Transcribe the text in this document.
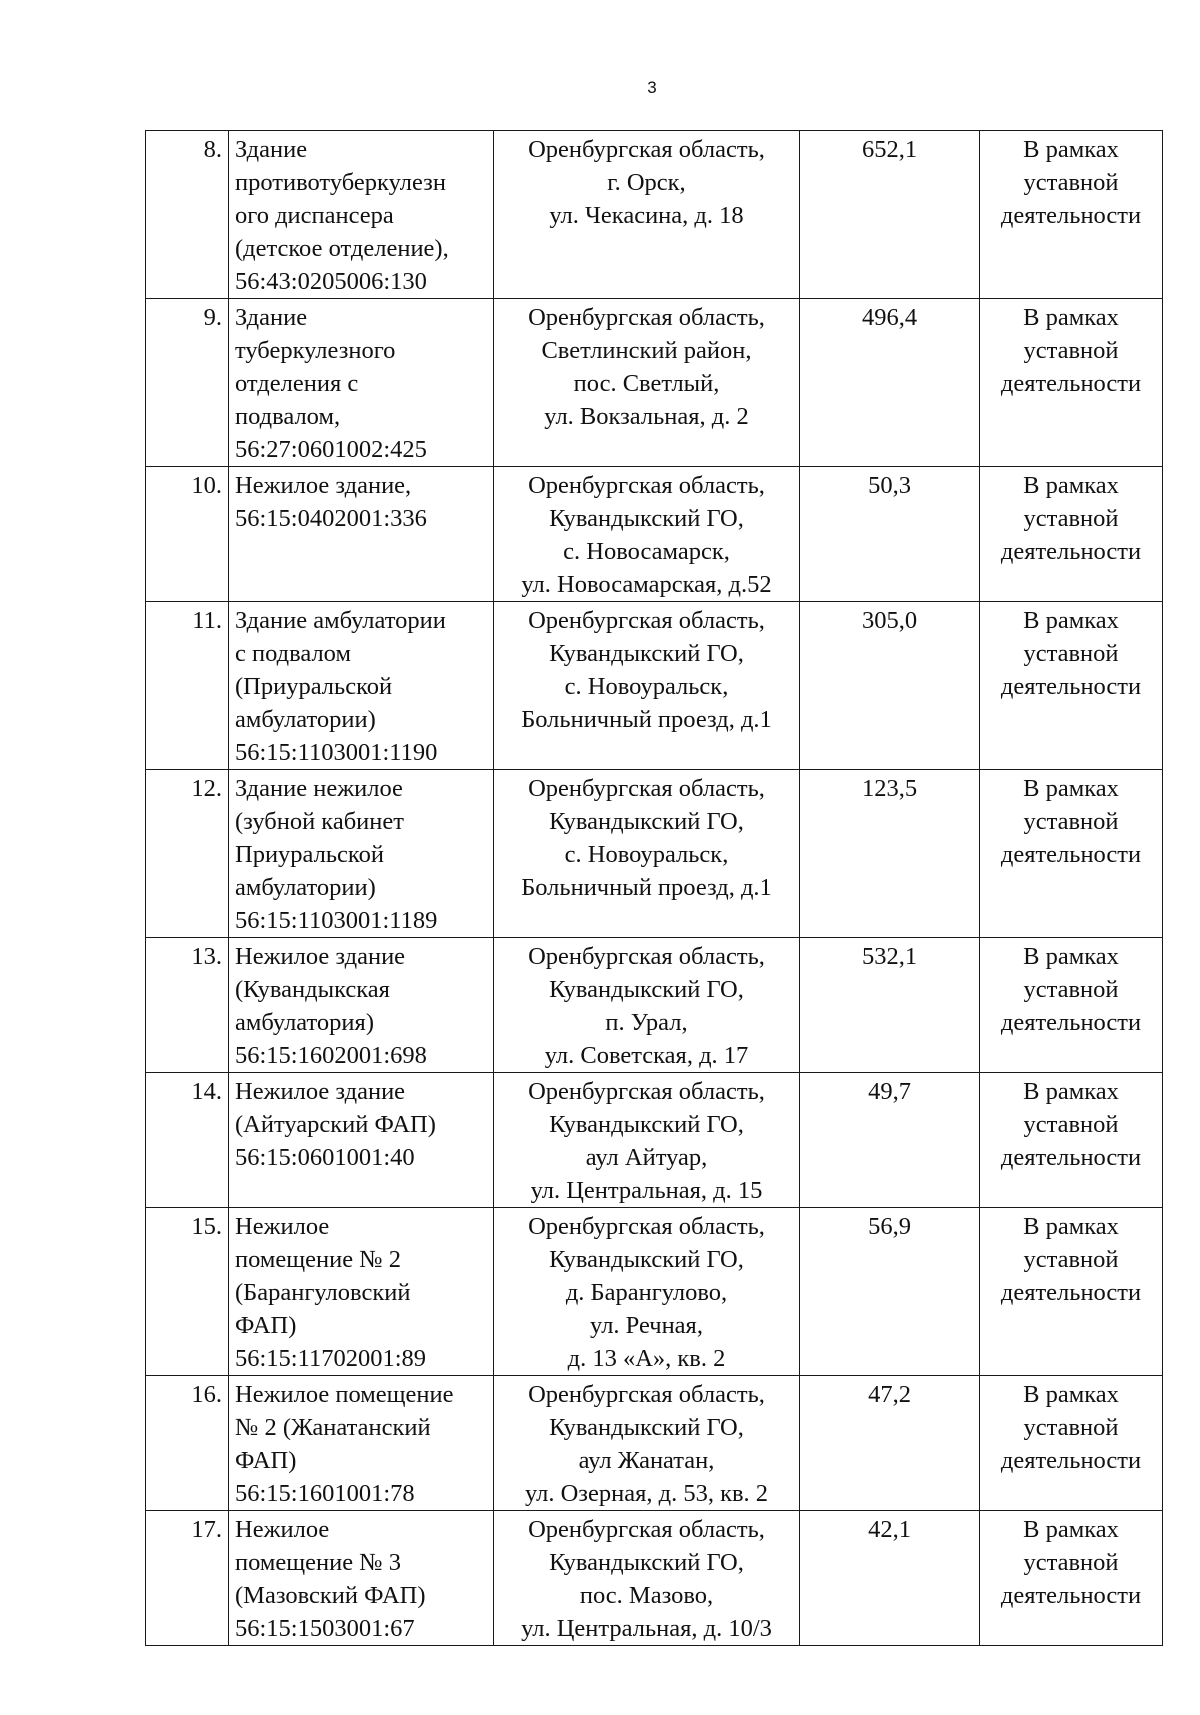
3
8.	Здание
противотуберкулезн
ого диспансера
(детское отделение),
56:43:0205006:130	Оренбургская область,
г. Орск,
ул. Чекасина, д. 18	652,1	В рамках
уставной
деятельности
9.	Здание
туберкулезного
отделения с
подвалом,
56:27:0601002:425	Оренбургская область,
Светлинский район,
пос. Светлый,
ул. Вокзальная, д. 2	496,4	В рамках
уставной
деятельности
10.	Нежилое здание,
56:15:0402001:336	Оренбургская область,
Кувандыкский ГО,
с. Новосамарск,
ул. Новосамарская, д.52	50,3	В рамках
уставной
деятельности
11.	Здание амбулатории
с подвалом
(Приуральской
амбулатории)
56:15:1103001:1190	Оренбургская область,
Кувандыкский ГО,
с. Новоуральск,
Больничный проезд, д.1	305,0	В рамках
уставной
деятельности
12.	Здание нежилое
(зубной кабинет
Приуральской
амбулатории)
56:15:1103001:1189	Оренбургская область,
Кувандыкский ГО,
с. Новоуральск,
Больничный проезд, д.1	123,5	В рамках
уставной
деятельности
13.	Нежилое здание
(Кувандыкская
амбулатория)
56:15:1602001:698	Оренбургская область,
Кувандыкский ГО,
п. Урал,
ул. Советская, д. 17	532,1	В рамках
уставной
деятельности
14.	Нежилое здание
(Айтуарский ФАП)
56:15:0601001:40	Оренбургская область,
Кувандыкский ГО,
аул Айтуар,
ул. Центральная, д. 15	49,7	В рамках
уставной
деятельности
15.	Нежилое
помещение № 2
(Барангуловский
ФАП)
56:15:11702001:89	Оренбургская область,
Кувандыкский ГО,
д. Барангулово,
ул. Речная,
д. 13 «А», кв. 2	56,9	В рамках
уставной
деятельности
16.	Нежилое помещение
№ 2 (Жанатанский
ФАП)
56:15:1601001:78	Оренбургская область,
Кувандыкский ГО,
аул Жанатан,
ул. Озерная, д. 53, кв. 2	47,2	В рамках
уставной
деятельности
17.	Нежилое
помещение № 3
(Мазовский ФАП)
56:15:1503001:67	Оренбургская область,
Кувандыкский ГО,
пос. Мазово,
ул. Центральная, д. 10/3	42,1	В рамках
уставной
деятельности
